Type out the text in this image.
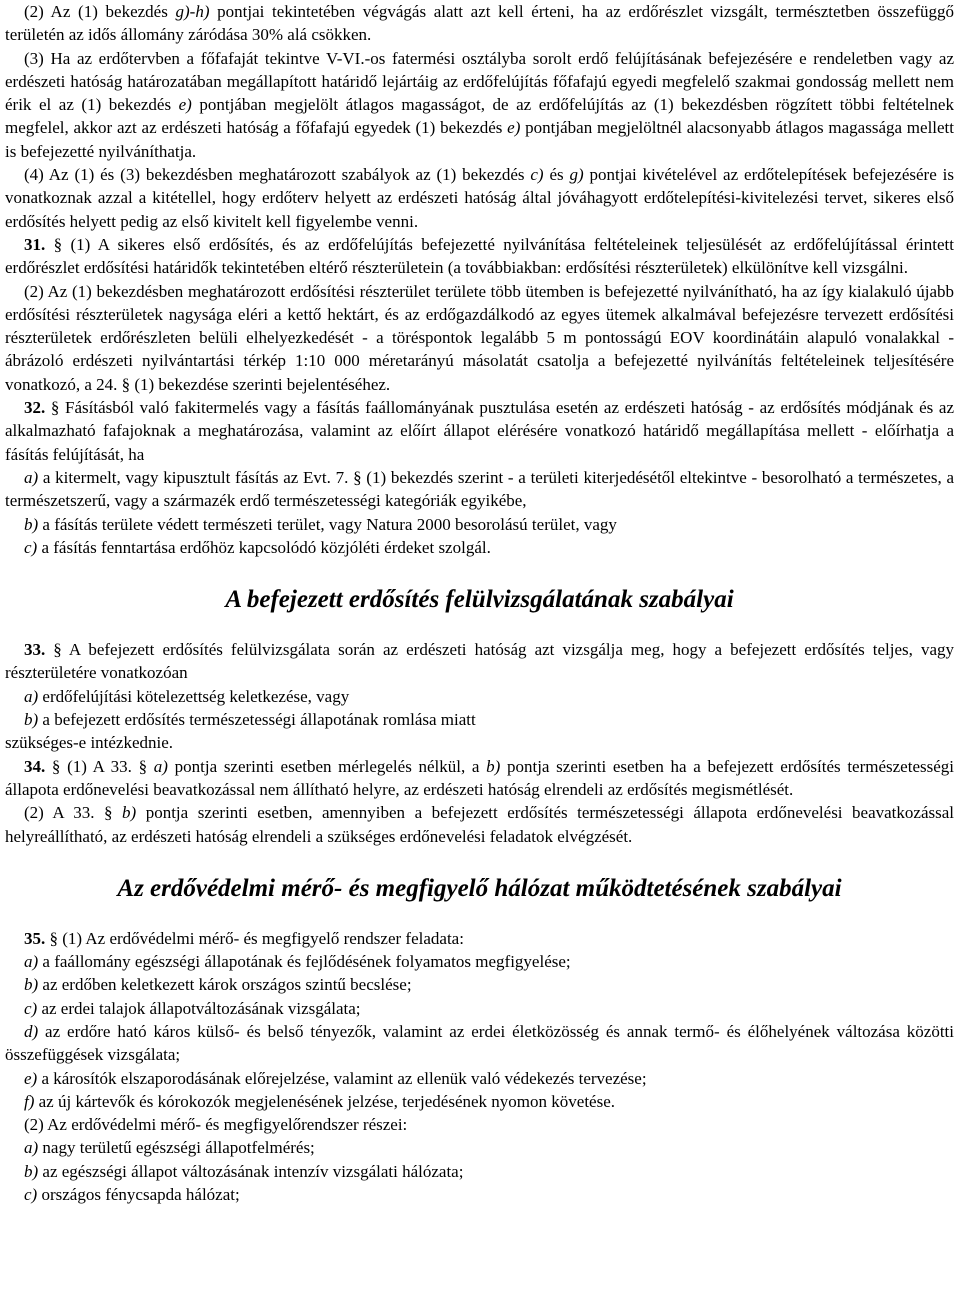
(2) Az (1) bekezdés g)-h) pontjai tekintetében végvágás alatt azt kell érteni, ha az erdőrészlet vizsgált, természtetben összefüggő területén az idős állomány záródása 30% alá csökken.

(3) Ha az erdőtervben a főfafaját tekintve V-VI.-os fatermési osztályba sorolt erdő felújításának befejezésére e rendeletben vagy az erdészeti hatóság határozatában megállapított határidő lejártáig az erdőfelújítás főfafajú egyedi megfelelő szakmai gondosság mellett nem érik el az (1) bekezdés e) pontjában megjelölt átlagos magasságot, de az erdőfelújítás az (1) bekezdésben rögzített többi feltételnek megfelel, akkor azt az erdészeti hatóság a főfafajú egyedek (1) bekezdés e) pontjában megjelöltnél alacsonyabb átlagos magassága mellett is befejezetté nyilváníthatja.

(4) Az (1) és (3) bekezdésben meghatározott szabályok az (1) bekezdés c) és g) pontjai kivételével az erdőtelepítések befejezésére is vonatkoznak azzal a kitétellel, hogy erdőterv helyett az erdészeti hatóság által jóváhagyott erdőtelepítési-kivitelezési tervet, sikeres első erdősítés helyett pedig az első kivitelt kell figyelembe venni.

31. § (1) A sikeres első erdősítés, és az erdőfelújítás befejezetté nyilvánítása feltételeinek teljesülését az erdőfelújítással érintett erdőrészlet erdősítési határidők tekintetében eltérő részterületein (a továbbiakban: erdősítési részterületek) elkülönítve kell vizsgálni.

(2) Az (1) bekezdésben meghatározott erdősítési részterület területe több ütemben is befejezetté nyilvánítható, ha az így kialakuló újabb erdősítési részterületek nagysága eléri a kettő hektárt, és az erdőgazdálkodó az egyes ütemek alkalmával befejezésre tervezett erdősítési részterületek erdőrészleten belüli elhelyezkedését - a töréspontok legalább 5 m pontosságú EOV koordinátáin alapuló vonalakkal - ábrázoló erdészeti nyilvántartási térkép 1:10 000 méretarányú másolatát csatolja a befejezetté nyilvánítás feltételeinek teljesítésére vonatkozó, a 24. § (1) bekezdése szerinti bejelentéséhez.

32. § Fásításból való fakitermelés vagy a fásítás faállományának pusztulása esetén az erdészeti hatóság - az erdősítés módjának és az alkalmazható fafajoknak a meghatározása, valamint az előírt állapot elérésére vonatkozó határidő megállapítása mellett - előírhatja a fásítás felújítását, ha

a) a kitermelt, vagy kipusztult fásítás az Evt. 7. § (1) bekezdés szerint - a területi kiterjedésétől eltekintve - besorolható a természetes, a természetszerű, vagy a származék erdő természetességi kategóriák egyikébe,

b) a fásítás területe védett természeti terület, vagy Natura 2000 besorolású terület, vagy

c) a fásítás fenntartása erdőhöz kapcsolódó közjóléti érdeket szolgál.

A befejezett erdősítés felülvizsgálatának szabályai

33. § A befejezett erdősítés felülvizsgálata során az erdészeti hatóság azt vizsgálja meg, hogy a befejezett erdősítés teljes, vagy részterületére vonatkozóan

a) erdőfelújítási kötelezettség keletkezése, vagy

b) a befejezett erdősítés természetességi állapotának romlása miatt

szükséges-e intézkednie.

34. § (1) A 33. § a) pontja szerinti esetben mérlegelés nélkül, a b) pontja szerinti esetben ha a befejezett erdősítés természetességi állapota erdőnevelési beavatkozással nem állítható helyre, az erdészeti hatóság elrendeli az erdősítés megismétlését.

(2) A 33. § b) pontja szerinti esetben, amennyiben a befejezett erdősítés természetességi állapota erdőnevelési beavatkozással helyreállítható, az erdészeti hatóság elrendeli a szükséges erdőnevelési feladatok elvégzését.

Az erdővédelmi mérő- és megfigyelő hálózat működtetésének szabályai

35. § (1) Az erdővédelmi mérő- és megfigyelő rendszer feladata:

a) a faállomány egészségi állapotának és fejlődésének folyamatos megfigyelése;

b) az erdőben keletkezett károk országos szintű becslése;

c) az erdei talajok állapotváltozásának vizsgálata;

d) az erdőre ható káros külső- és belső tényezők, valamint az erdei életközösség és annak termő- és élőhelyének változása közötti összefüggések vizsgálata;

e) a károsítók elszaporodásának előrejelzése, valamint az ellenük való védekezés tervezése;

f) az új kártevők és kórokozók megjelenésének jelzése, terjedésének nyomon követése.

(2) Az erdővédelmi mérő- és megfigyelőrendszer részei:

a) nagy területű egészségi állapotfelmérés;

b) az egészségi állapot változásának intenzív vizsgálati hálózata;

c) országos fénycsapda hálózat;
